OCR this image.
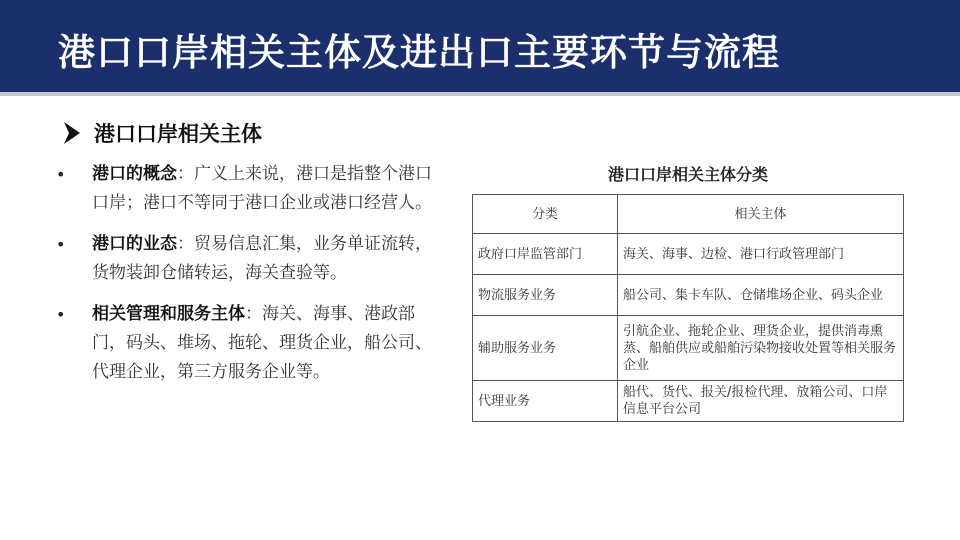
港口口岸相关主体及进出口主要环节与流程
港口口岸相关主体
•	港口的概念：广义上来说，港口是指整个港口口岸；港口不等同于港口企业或港口经营人。
•	港口的业态：贸易信息汇集，业务单证流转，货物装卸仓储转运，海关查验等。
•	相关管理和服务主体：海关、海事、港政部门，码头、堆场、拖轮、理货企业，船公司、代理企业，第三方服务企业等。
港口口岸相关主体分类
分类	相关主体
政府口岸监管部门	海关、海事、边检、港口行政管理部门
物流服务业务	船公司、集卡车队、仓储堆场企业、码头企业
辅助服务业务	引航企业、拖轮企业、理货企业，提供消毒熏蒸、船舶供应或船舶污染物接收处置等相关服务企业
代理业务	船代、货代、报关/报检代理、放箱公司、口岸信息平台公司
